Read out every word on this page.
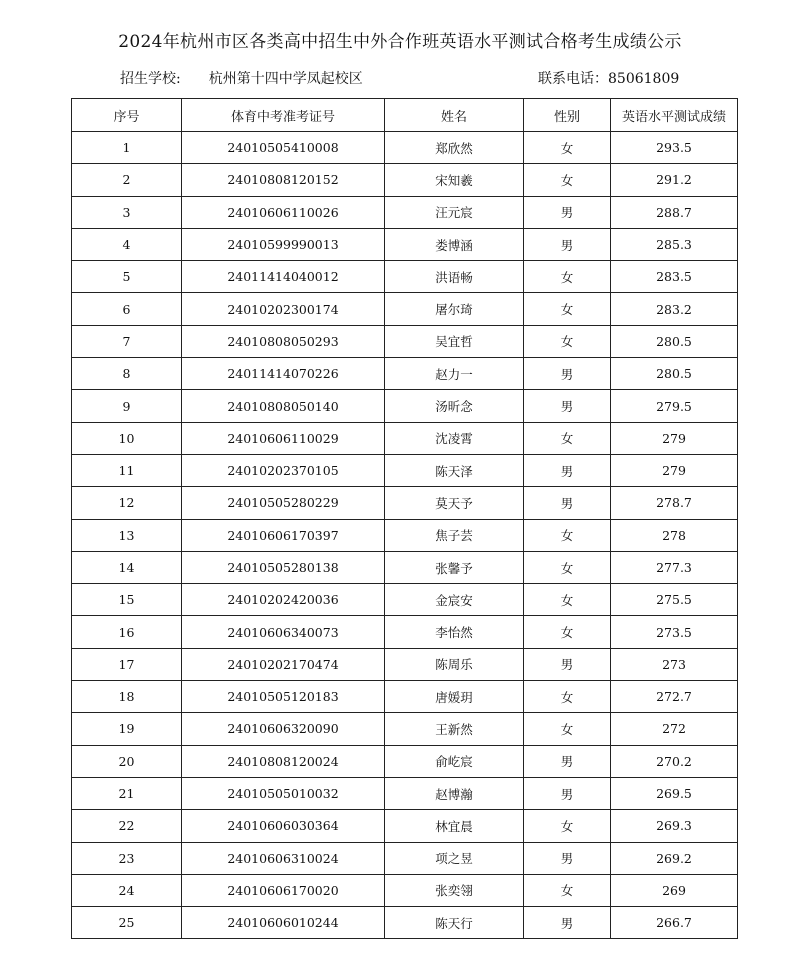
2024年杭州市区各类高中招生中外合作班英语水平测试合格考生成绩公示
招生学校: 杭州第十四中学凤起校区	联系电话：85061809
序号	体育中考准考证号	姓名	性别	英语水平测试成绩
1	24010505410008	郑欣然	女	293.5
2	24010808120152	宋知羲	女	291.2
3	24010606110026	汪元宸	男	288.7
4	24010599990013	娄博涵	男	285.3
5	24011414040012	洪语畅	女	283.5
6	24010202300174	屠尔琦	女	283.2
7	24010808050293	吴宜哲	女	280.5
8	24011414070226	赵力一	男	280.5
9	24010808050140	汤昕念	男	279.5
10	24010606110029	沈凌霄	女	279
11	24010202370105	陈天泽	男	279
12	24010505280229	莫天予	男	278.7
13	24010606170397	焦子芸	女	278
14	24010505280138	张馨予	女	277.3
15	24010202420036	金宸安	女	275.5
16	24010606340073	李怡然	女	273.5
17	24010202170474	陈周乐	男	273
18	24010505120183	唐媛玥	女	272.7
19	24010606320090	王新然	女	272
20	24010808120024	俞屹宸	男	270.2
21	24010505010032	赵博瀚	男	269.5
22	24010606030364	林宜晨	女	269.3
23	24010606310024	项之昱	男	269.2
24	24010606170020	张奕翎	女	269
25	24010606010244	陈天行	男	266.7
